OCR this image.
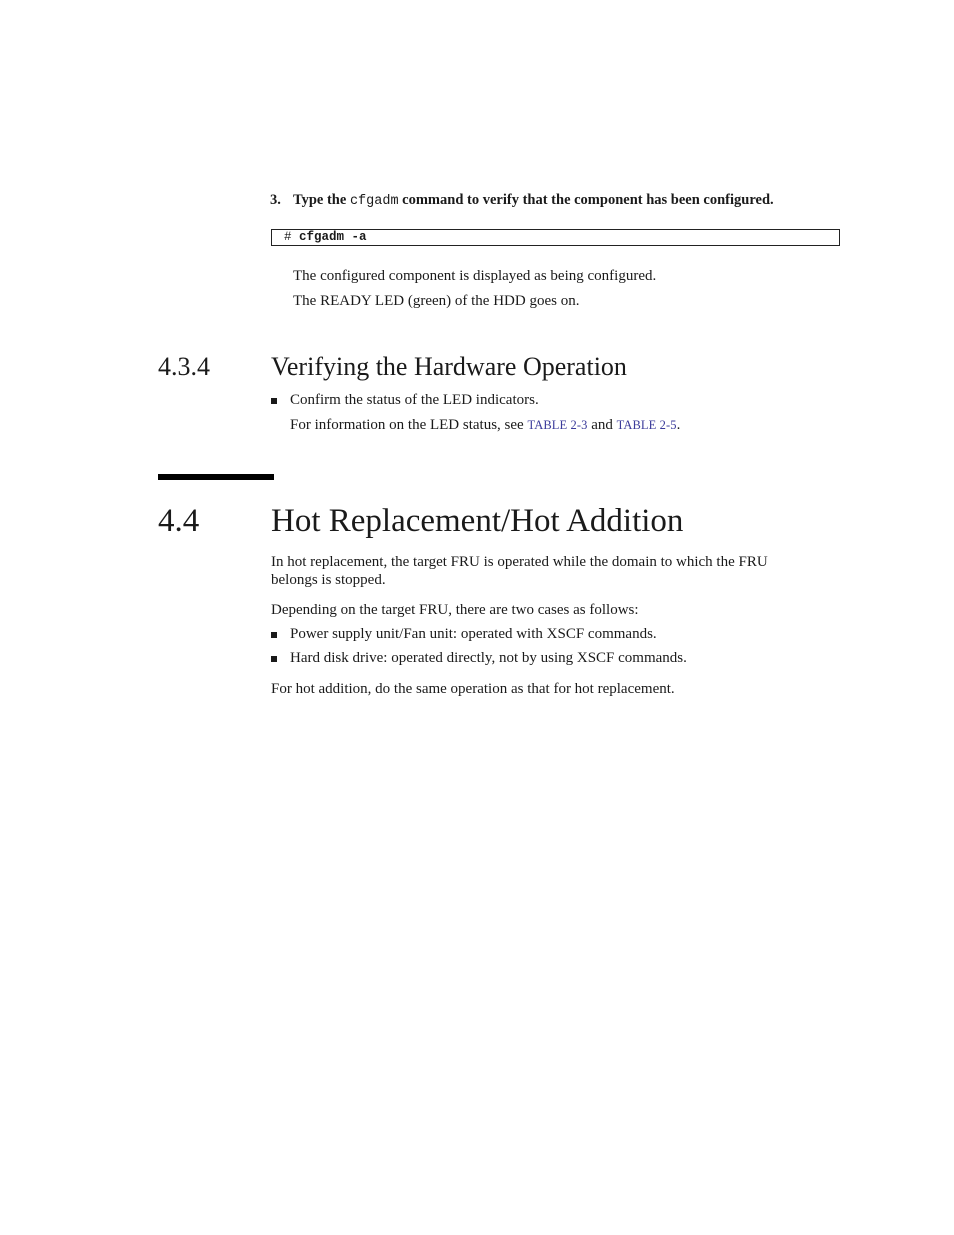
3. Type the cfgadm command to verify that the component has been configured.
# cfgadm -a
The configured component is displayed as being configured.
The READY LED (green) of the HDD goes on.
4.3.4 Verifying the Hardware Operation
Confirm the status of the LED indicators.
For information on the LED status, see TABLE 2-3 and TABLE 2-5.
4.4 Hot Replacement/Hot Addition
In hot replacement, the target FRU is operated while the domain to which the FRU
belongs is stopped.
Depending on the target FRU, there are two cases as follows:
Power supply unit/Fan unit: operated with XSCF commands.
Hard disk drive: operated directly, not by using XSCF commands.
For hot addition, do the same operation as that for hot replacement.
